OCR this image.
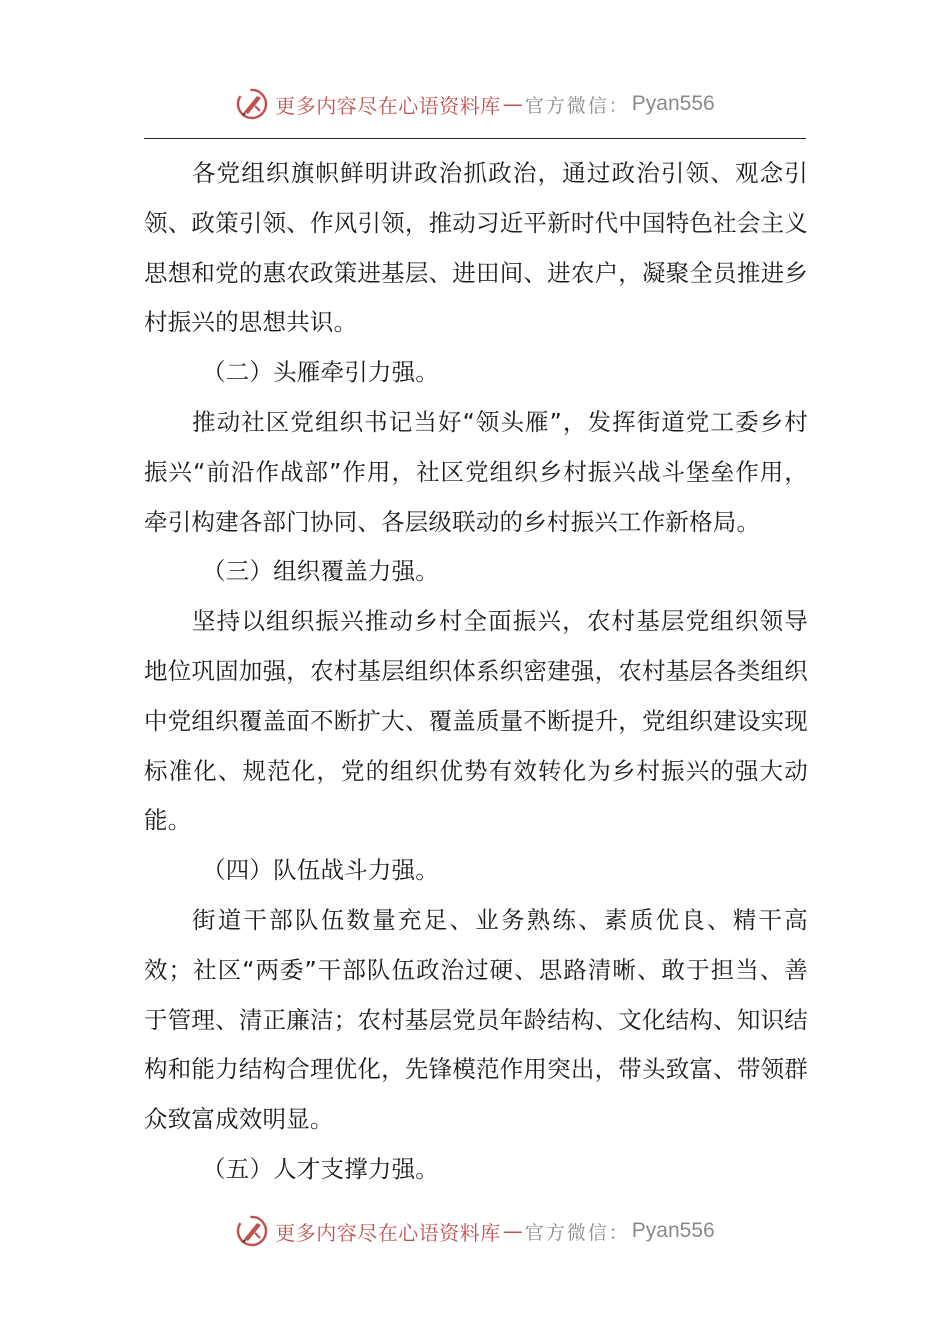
更多内容尽在心语资料库 — 官方微信： Pyan556

各党组织旗帜鲜明讲政治抓政治，通过政治引领、观念引领、政策引领、作风引领，推动习近平新时代中国特色社会主义思想和党的惠农政策进基层、进田间、进农户，凝聚全员推进乡村振兴的思想共识。

（二）头雁牵引力强。

推动社区党组织书记当好“领头雁”，发挥街道党工委乡村振兴“前沿作战部”作用，社区党组织乡村振兴战斗堡垒作用，牵引构建各部门协同、各层级联动的乡村振兴工作新格局。

（三）组织覆盖力强。

坚持以组织振兴推动乡村全面振兴，农村基层党组织领导地位巩固加强，农村基层组织体系织密建强，农村基层各类组织中党组织覆盖面不断扩大、覆盖质量不断提升，党组织建设实现标准化、规范化，党的组织优势有效转化为乡村振兴的强大动能。

（四）队伍战斗力强。

街道干部队伍数量充足、业务熟练、素质优良、精干高效；社区“两委”干部队伍政治过硬、思路清晰、敢于担当、善于管理、清正廉洁；农村基层党员年龄结构、文化结构、知识结构和能力结构合理优化，先锋模范作用突出，带头致富、带领群众致富成效明显。

（五）人才支撑力强。

更多内容尽在心语资料库 — 官方微信： Pyan556
